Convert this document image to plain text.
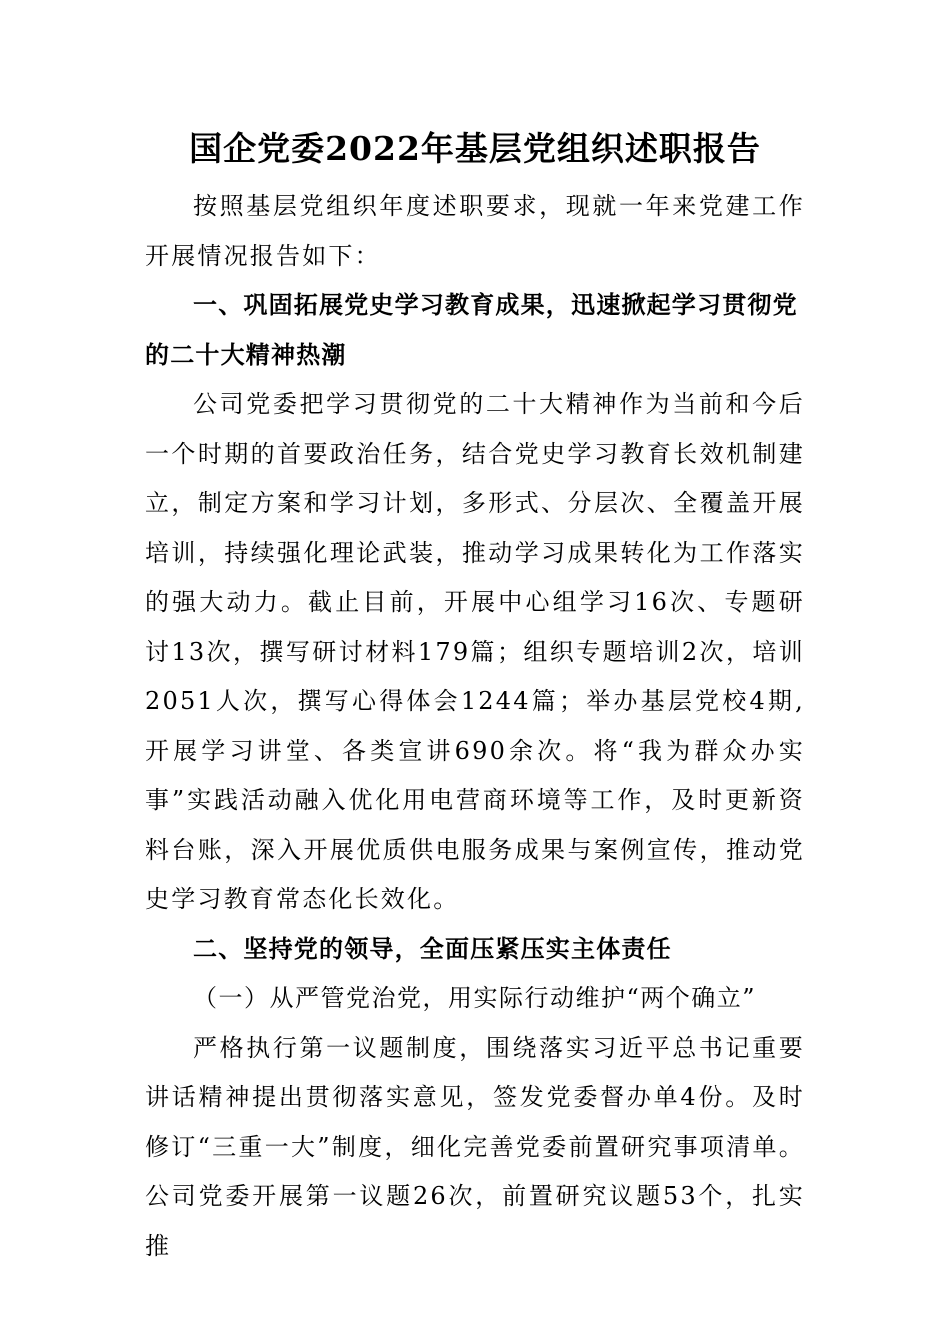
国企党委2022年基层党组织述职报告

按照基层党组织年度述职要求，现就一年来党建工作开展情况报告如下：

一、巩固拓展党史学习教育成果，迅速掀起学习贯彻党的二十大精神热潮

公司党委把学习贯彻党的二十大精神作为当前和今后一个时期的首要政治任务，结合党史学习教育长效机制建立，制定方案和学习计划，多形式、分层次、全覆盖开展培训，持续强化理论武装，推动学习成果转化为工作落实的强大动力。截止目前，开展中心组学习16次、专题研讨13次，撰写研讨材料179篇；组织专题培训2次，培训2051人次，撰写心得体会1244篇；举办基层党校4期,开展学习讲堂、各类宣讲690余次。将“我为群众办实事”实践活动融入优化用电营商环境等工作，及时更新资料台账，深入开展优质供电服务成果与案例宣传，推动党史学习教育常态化长效化。

二、坚持党的领导，全面压紧压实主体责任

（一）从严管党治党，用实际行动维护“两个确立”

严格执行第一议题制度，围绕落实习近平总书记重要讲话精神提出贯彻落实意见，签发党委督办单4份。及时修订“三重一大”制度，细化完善党委前置研究事项清单。公司党委开展第一议题26次，前置研究议题53个，扎实推
